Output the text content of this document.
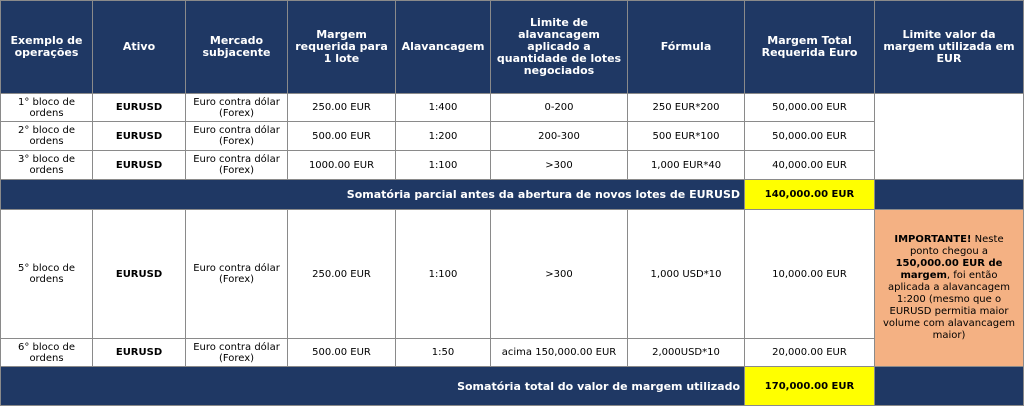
Exemplo de operações	Ativo	Mercado subjacente	Margem requerida para 1 lote	Alavancagem	Limite de alavancagem aplicado a quantidade de lotes negociados	Fórmula	Margem Total Requerida Euro	Limite valor da margem utilizada em EUR
1° bloco de ordens	EURUSD	Euro contra dólar (Forex)	250.00 EUR	1:400	0-200	250 EUR*200	50,000.00 EUR	
2° bloco de ordens	EURUSD	Euro contra dólar (Forex)	500.00 EUR	1:200	200-300	500 EUR*100	50,000.00 EUR	
3° bloco de ordens	EURUSD	Euro contra dólar (Forex)	1000.00 EUR	1:100	>300	1,000 EUR*40	40,000.00 EUR	
Somatória parcial antes da abertura de novos lotes de EURUSD							140,000.00 EUR	
5° bloco de ordens	EURUSD	Euro contra dólar (Forex)	250.00 EUR	1:100	>300	1,000 USD*10	10,000.00 EUR	IMPORTANTE! Neste ponto chegou a 150,000.00 EUR de margem, foi então aplicada a alavancagem 1:200 (mesmo que o EURUSD permitia maior volume com alavancagem maior)
6° bloco de ordens	EURUSD	Euro contra dólar (Forex)	500.00 EUR	1:50	acima 150,000.00 EUR	2,000USD*10	20,000.00 EUR	
Somatória total do valor de margem utilizado							170,000.00 EUR	
